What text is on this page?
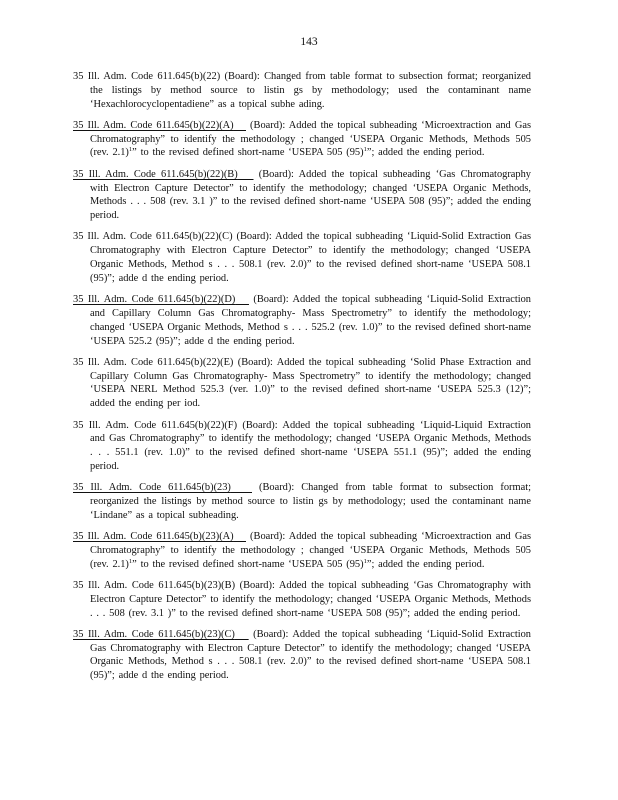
143

35 Ill. Adm. Code 611.645(b)(22) (Board): Changed from table format to subsection format; reorganized the listings by method source to listin gs by methodology; used the contaminant name ‘Hexachlorocyclopentadiene” as a topical subhe ading.

35 Ill. Adm. Code 611.645(b)(22)(A) (Board): Added the topical subheading ‘Microextraction and Gas Chromatography” to identify the methodology ; changed ‘USEPA Organic Methods, Methods 505 (rev. 2.1)$^1$” to the revised defined short-name ‘USEPA 505 $(95)^1$”; added the ending period.

35 Ill. Adm. Code 611.645(b)(22)(B) (Board): Added the topical subheading ‘Gas Chromatography with Electron Capture Detector” to identify the methodology; changed ‘USEPA Organic Methods, Methods . . . 508 (rev. 3.1 )” to the revised defined short-name ‘USEPA 508 (95)”; added the ending period.

35 Ill. Adm. Code 611.645(b)(22)(C) (Board): Added the topical subheading ‘Liquid-Solid Extraction Gas Chromatography with Electron Capture Detector” to identify the methodology; changed ‘USEPA Organic Methods, Method s . . . 508.1 (rev. 2.0)” to the revised defined short-name ‘USEPA 508.1 (95)”; adde d the ending period.

35 Ill. Adm. Code 611.645(b)(22)(D) (Board): Added the topical subheading ‘Liquid-Solid Extraction and Capillary Column Gas Chromatography- Mass Spectrometry” to identify the methodology; changed ‘USEPA Organic Methods, Method s . . . 525.2 (rev. 1.0)” to the revised defined short-name ‘USEPA 525.2 (95)”; adde d the ending period.

35 Ill. Adm. Code 611.645(b)(22)(E) (Board): Added the topical subheading ‘Solid Phase Extraction and Capillary Column Gas Chromatography- Mass Spectrometry” to identify the methodology; changed ‘USEPA NERL Method 525.3 (ver. 1.0)” to the revised defined short-name ‘USEPA 525.3 (12)”; added the ending per iod.

35 Ill. Adm. Code 611.645(b)(22)(F) (Board): Added the topical subheading ‘Liquid-Liquid Extraction and Gas Chromatography” to identify the methodology; changed ‘USEPA Organic Methods, Methods . . . 551.1 (rev. 1.0)” to the revised defined short-name ‘USEPA 551.1 (95)”; added the ending period.

35 Ill. Adm. Code 611.645(b)(23) (Board): Changed from table format to subsection format; reorganized the listings by method source to listin gs by methodology; used the contaminant name ‘Lindane” as a topical subheading.

35 Ill. Adm. Code 611.645(b)(23)(A) (Board): Added the topical subheading ‘Microextraction and Gas Chromatography” to identify the methodology ; changed ‘USEPA Organic Methods, Methods 505 (rev. 2.1)$^1$” to the revised defined short-name ‘USEPA 505 $(95)^1$”; added the ending period.

35 Ill. Adm. Code 611.645(b)(23)(B) (Board): Added the topical subheading ‘Gas Chromatography with Electron Capture Detector” to identify the methodology; changed ‘USEPA Organic Methods, Methods . . . 508 (rev. 3.1 )” to the revised defined short-name ‘USEPA 508 (95)”; added the ending period.

35 Ill. Adm. Code 611.645(b)(23)(C) (Board): Added the topical subheading ‘Liquid-Solid Extraction Gas Chromatography with Electron Capture Detector” to identify the methodology; changed ‘USEPA Organic Methods, Method s . . . 508.1 (rev. 2.0)” to the revised defined short-name ‘USEPA 508.1 (95)”; adde d the ending period.
